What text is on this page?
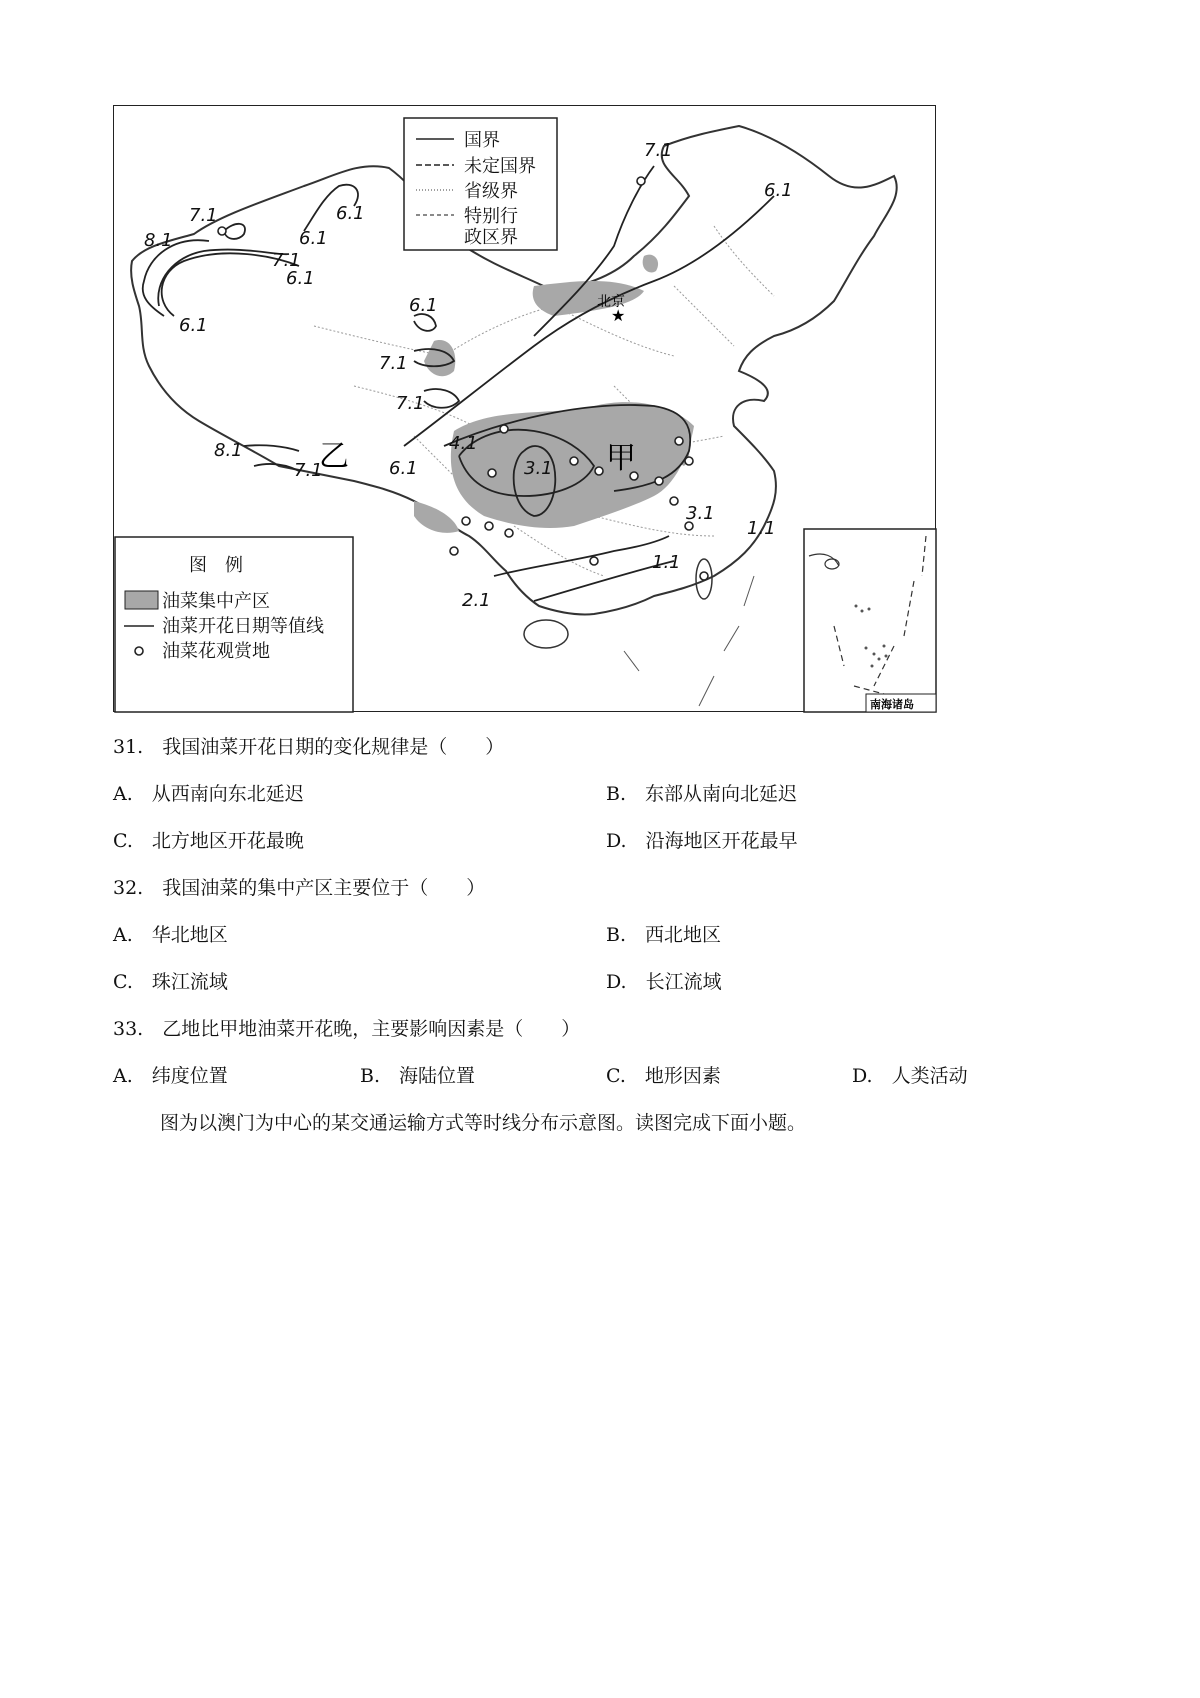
★
北京
8.1
7.1	6.1
6.1
7.1
6.1
6.1
6.1
7.1
7.1
8.1
7.1	6.1
4.1
3.1
3.1
2.1
1.1
1.1
7.1
6.1
乙	甲
国界
未定国界
省级界
特别行
政区界
图　例
油菜集中产区
油菜开花日期等值线
油菜花观赏地
南海诸岛
31.　我国油菜开花日期的变化规律是（　　）
A.　从西南向东北延迟	B.　东部从南向北延迟
C.　北方地区开花最晚	D.　沿海地区开花最早
32.　我国油菜的集中产区主要位于（　　）
A.　华北地区	B.　西北地区
C.　珠江流域	D.　长江流域
33.　乙地比甲地油菜开花晚，主要影响因素是（　　）
A.　纬度位置	B.　海陆位置	C.　地形因素	D.　人类活动
图为以澳门为中心的某交通运输方式等时线分布示意图。读图完成下面小题。
